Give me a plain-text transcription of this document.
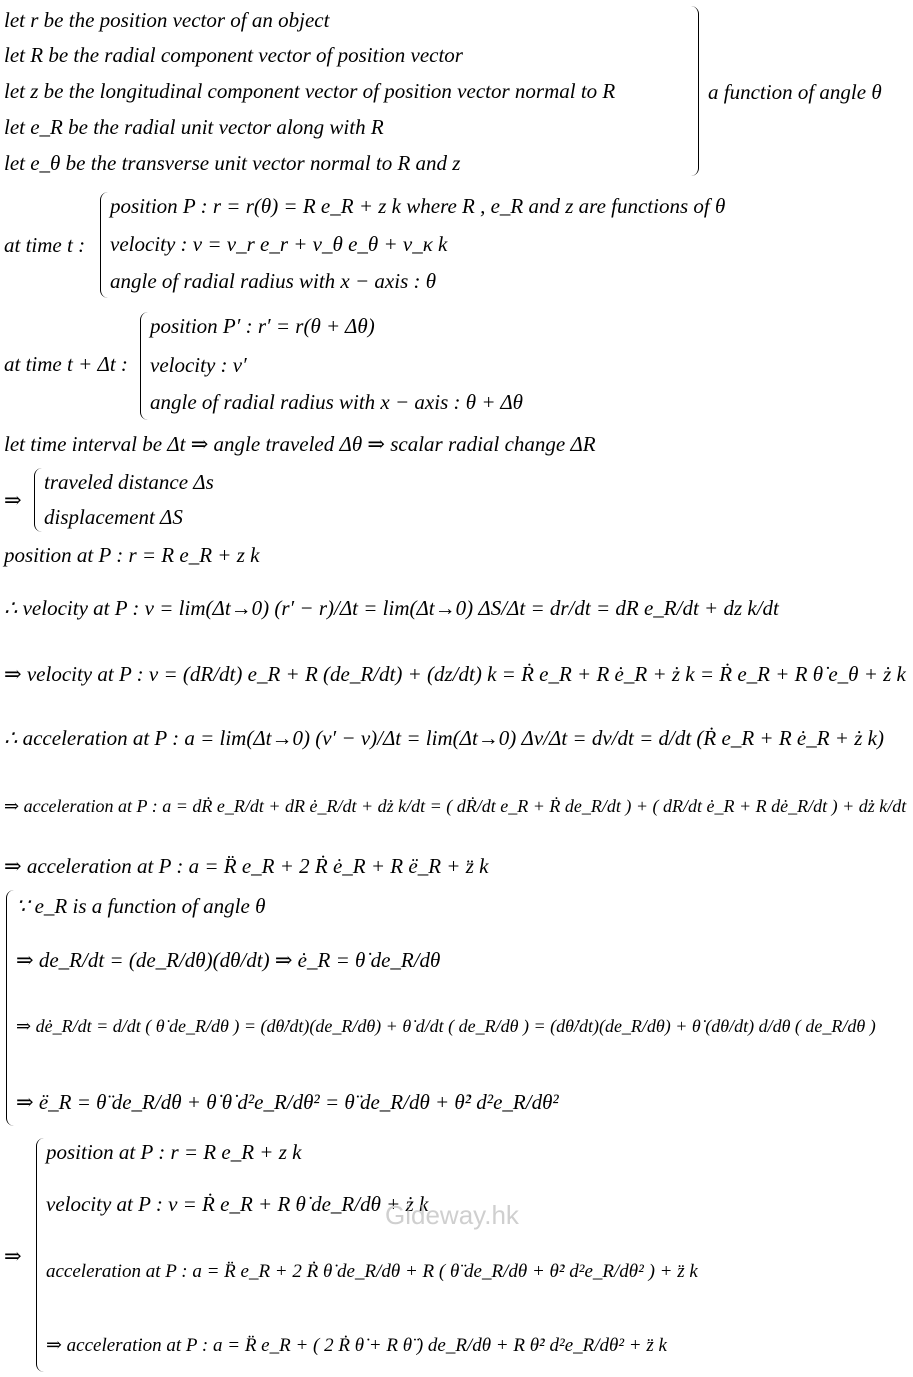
let r be the position vector of an object
let R be the radial component vector of position vector
let z be the longitudinal component vector of position vector normal to R
let e_R be the radial unit vector along with R
let e_θ be the transverse unit vector normal to R and z
a function of angle θ
at time t :
position P : r = r(θ) = R e_R + z k where R , e_R and z are functions of θ
velocity : v = v_r e_r + v_θ e_θ + v_κ k
angle of radial radius with x − axis : θ
at time t + Δt :
position P′ : r′ = r(θ + Δθ)
velocity : v′
angle of radial radius with x − axis : θ + Δθ
let time interval be Δt ⇒ angle traveled Δθ ⇒ scalar radial change ΔR
⇒
traveled distance Δs
displacement ΔS
position at P : r = R e_R + z k
∴ velocity at P : v = lim(Δt→0) (r′ − r)/Δt = lim(Δt→0) ΔS/Δt = dr/dt = dR e_R/dt + dz k/dt
⇒ velocity at P : v = (dR/dt) e_R + R (de_R/dt) + (dz/dt) k = Ṙ e_R + R ė_R + ż k = Ṙ e_R + R θ̇ e_θ + ż k
∴ acceleration at P : a = lim(Δt→0) (v′ − v)/Δt = lim(Δt→0) Δv/Δt = dv/dt = d/dt (Ṙ e_R + R ė_R + ż k)
⇒ acceleration at P : a = dṘ e_R/dt + dR ė_R/dt + dż k/dt = ( dṘ/dt e_R + Ṙ de_R/dt ) + ( dR/dt ė_R + R dė_R/dt ) + dż k/dt
⇒ acceleration at P : a = R̈ e_R + 2 Ṙ ė_R + R ë_R + z̈ k
∵ e_R is a function of angle θ
⇒ de_R/dt = (de_R/dθ)(dθ/dt) ⇒ ė_R = θ̇ de_R/dθ
⇒ dė_R/dt = d/dt ( θ̇ de_R/dθ ) = (dθ̇/dt)(de_R/dθ) + θ̇ d/dt ( de_R/dθ ) = (dθ̇/dt)(de_R/dθ) + θ̇ (dθ/dt) d/dθ ( de_R/dθ )
⇒ ë_R = θ̈ de_R/dθ + θ̇ θ̇ d²e_R/dθ² = θ̈ de_R/dθ + θ̇² d²e_R/dθ²
⇒
position at P : r = R e_R + z k
velocity at P : v = Ṙ e_R + R θ̇ de_R/dθ + ż k
acceleration at P : a = R̈ e_R + 2 Ṙ θ̇ de_R/dθ + R ( θ̈ de_R/dθ + θ̇² d²e_R/dθ² ) + z̈ k
⇒ acceleration at P : a = R̈ e_R + ( 2 Ṙ θ̇ + R θ̈ ) de_R/dθ + R θ̇² d²e_R/dθ² + z̈ k
Gideway.hk
